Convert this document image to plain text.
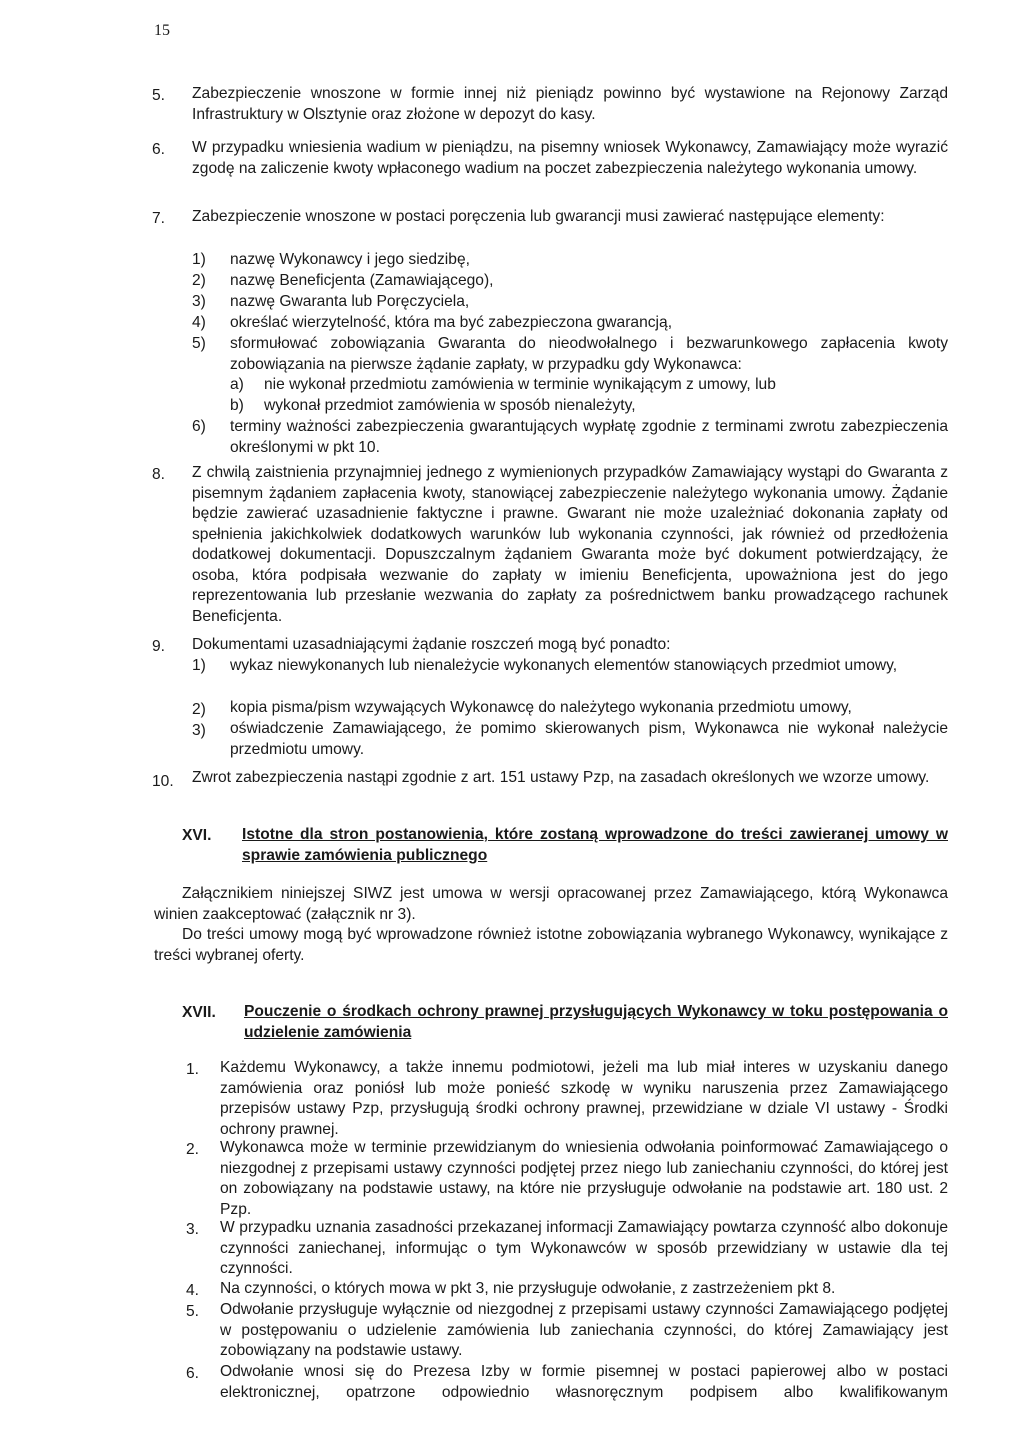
15
5. Zabezpieczenie wnoszone w formie innej niż pieniądz powinno być wystawione na Rejonowy Zarząd Infrastruktury w Olsztynie oraz złożone w depozyt do kasy.

6. W przypadku wniesienia wadium w pieniądzu, na pisemny wniosek Wykonawcy, Zamawiający może wyrazić zgodę na zaliczenie kwoty wpłaconego wadium na poczet zabezpieczenia należytego wykonania umowy.

7. Zabezpieczenie wnoszone w postaci poręczenia lub gwarancji musi zawierać następujące elementy:

1) nazwę Wykonawcy i jego siedzibę,

2) nazwę Beneficjenta (Zamawiającego),

3) nazwę Gwaranta lub Poręczyciela,

4) określać wierzytelność, która ma być zabezpieczona gwarancją,

5) sformułować zobowiązania Gwaranta do nieodwołalnego i bezwarunkowego zapłacenia kwoty zobowiązania na pierwsze żądanie zapłaty, w przypadku gdy Wykonawca:

a) nie wykonał przedmiotu zamówienia w terminie wynikającym z umowy, lub

b) wykonał przedmiot zamówienia w sposób nienależyty,

6) terminy ważności zabezpieczenia gwarantujących wypłatę zgodnie z terminami zwrotu zabezpieczenia określonymi w pkt 10.

8. Z chwilą zaistnienia przynajmniej jednego z wymienionych przypadków Zamawiający wystąpi do Gwaranta z pisemnym żądaniem zapłacenia kwoty, stanowiącej zabezpieczenie należytego wykonania umowy. Żądanie będzie zawierać uzasadnienie faktyczne i prawne. Gwarant nie może uzależniać dokonania zapłaty od spełnienia jakichkolwiek dodatkowych warunków lub wykonania czynności, jak również od przedłożenia dodatkowej dokumentacji. Dopuszczalnym żądaniem Gwaranta może być dokument potwierdzający, że osoba, która podpisała wezwanie do zapłaty w imieniu Beneficjenta, upoważniona jest do jego reprezentowania lub przesłanie wezwania do zapłaty za pośrednictwem banku prowadzącego rachunek Beneficjenta.

9. Dokumentami uzasadniającymi żądanie roszczeń mogą być ponadto:

1) wykaz niewykonanych lub nienależycie wykonanych elementów stanowiących przedmiot umowy,

2) kopia pisma/pism wzywających Wykonawcę do należytego wykonania przedmiotu umowy,

3) oświadczenie Zamawiającego, że pomimo skierowanych pism, Wykonawca nie wykonał należycie przedmiotu umowy.

10. Zwrot zabezpieczenia nastąpi zgodnie z art. 151 ustawy Pzp, na zasadach określonych we wzorze umowy.

XVI. Istotne dla stron postanowienia, które zostaną wprowadzone do treści zawieranej umowy w sprawie zamówienia publicznego

Załącznikiem niniejszej SIWZ jest umowa w wersji opracowanej przez Zamawiającego, którą Wykonawca winien zaakceptować (załącznik nr 3).

Do treści umowy mogą być wprowadzone również istotne zobowiązania wybranego Wykonawcy, wynikające z treści wybranej oferty.

XVII. Pouczenie o środkach ochrony prawnej przysługujących Wykonawcy w toku postępowania o udzielenie zamówienia

1. Każdemu Wykonawcy, a także innemu podmiotowi, jeżeli ma lub miał interes w uzyskaniu danego zamówienia oraz poniósł lub może ponieść szkodę w wyniku naruszenia przez Zamawiającego przepisów ustawy Pzp, przysługują środki ochrony prawnej, przewidziane w dziale VI ustawy - Środki ochrony prawnej.

2. Wykonawca może w terminie przewidzianym do wniesienia odwołania poinformować Zamawiającego o niezgodnej z przepisami ustawy czynności podjętej przez niego lub zaniechaniu czynności, do której jest on zobowiązany na podstawie ustawy, na które nie przysługuje odwołanie na podstawie art. 180 ust. 2 Pzp.

3. W przypadku uznania zasadności przekazanej informacji Zamawiający powtarza czynność albo dokonuje czynności zaniechanej, informując o tym Wykonawców w sposób przewidziany w ustawie dla tej czynności.

4. Na czynności, o których mowa w pkt 3, nie przysługuje odwołanie, z zastrzeżeniem pkt 8.

5. Odwołanie przysługuje wyłącznie od niezgodnej z przepisami ustawy czynności Zamawiającego podjętej w postępowaniu o udzielenie zamówienia lub zaniechania czynności, do której Zamawiający jest zobowiązany na podstawie ustawy.

6. Odwołanie wnosi się do Prezesa Izby w formie pisemnej w postaci papierowej albo w postaci elektronicznej, opatrzone odpowiednio własnoręcznym podpisem albo kwalifikowanym
